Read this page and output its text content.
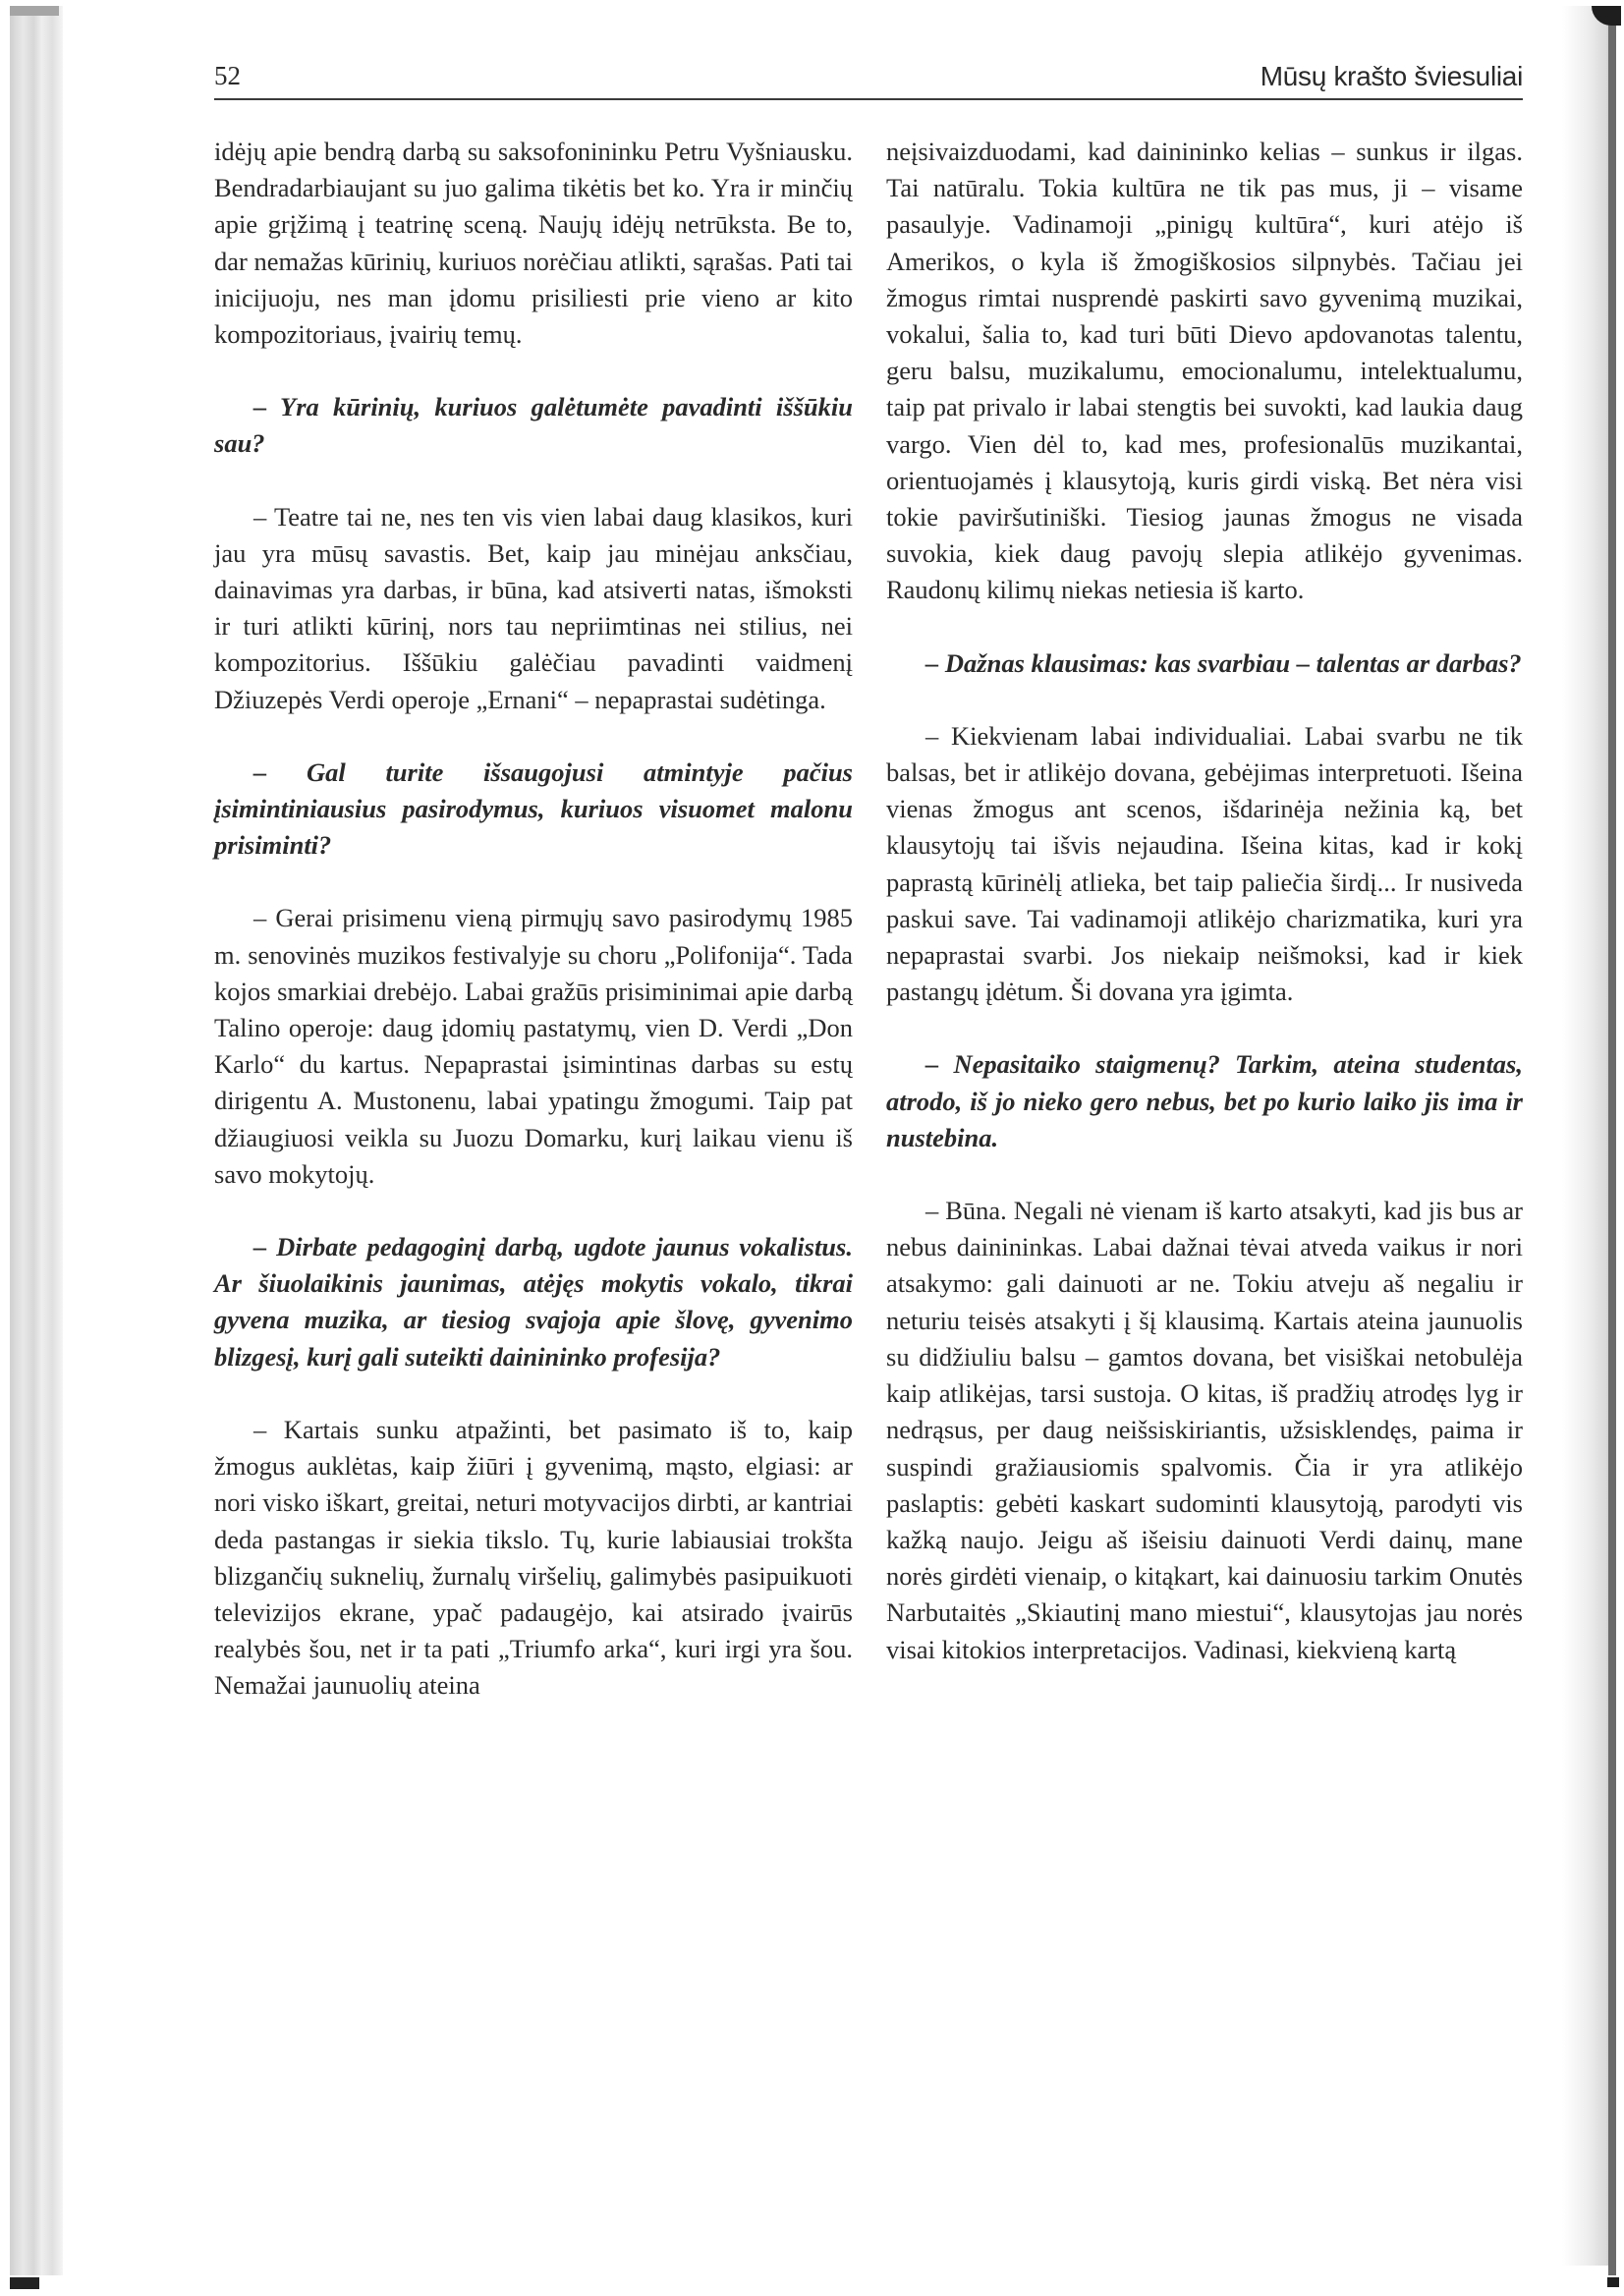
52	Mūsų krašto šviesuliai

idėjų apie bendrą darbą su saksofonininku Petru Vyšniausku. Bendradarbiaujant su juo galima tikėtis bet ko. Yra ir minčių apie grįžimą į teatrinę sceną. Naujų idėjų netrūksta. Be to, dar nemažas kūrinių, kuriuos norėčiau atlikti, sąrašas. Pati tai inicijuoju, nes man įdomu prisiliesti prie vieno ar kito kompozitoriaus, įvairių temų.

– Yra kūrinių, kuriuos galėtumėte pavadinti iššūkiu sau?

– Teatre tai ne, nes ten vis vien labai daug klasikos, kuri jau yra mūsų savastis. Bet, kaip jau minėjau anksčiau, dainavimas yra darbas, ir būna, kad atsiverti natas, išmoksti ir turi atlikti kūrinį, nors tau nepriimtinas nei stilius, nei kompozitorius. Iššūkiu galėčiau pavadinti vaidmenį Džiuzepės Verdi operoje „Ernani“ – nepaprastai sudėtinga.

– Gal turite išsaugojusi atmintyje pačius įsimintiniausius pasirodymus, kuriuos visuomet malonu prisiminti?

– Gerai prisimenu vieną pirmųjų savo pasirodymų 1985 m. senovinės muzikos festivalyje su choru „Polifonija“. Tada kojos smarkiai drebėjo. Labai gražūs prisiminimai apie darbą Talino operoje: daug įdomių pastatymų, vien D. Verdi „Don Karlo“ du kartus. Nepaprastai įsimintinas darbas su estų dirigentu A. Mustonenu, labai ypatingu žmogumi. Taip pat džiaugiuosi veikla su Juozu Domarku, kurį laikau vienu iš savo mokytojų.

– Dirbate pedagoginį darbą, ugdote jaunus vokalistus. Ar šiuolaikinis jaunimas, atėjęs mokytis vokalo, tikrai gyvena muzika, ar tiesiog svajoja apie šlovę, gyvenimo blizgesį, kurį gali suteikti dainininko profesija?

– Kartais sunku atpažinti, bet pasimato iš to, kaip žmogus auklėtas, kaip žiūri į gyvenimą, mąsto, elgiasi: ar nori visko iškart, greitai, neturi motyvacijos dirbti, ar kantriai deda pastangas ir siekia tikslo. Tų, kurie labiausiai trokšta blizgančių suknelių, žurnalų viršelių, galimybės pasipuikuoti televizijos ekrane, ypač padaugėjo, kai atsirado įvairūs realybės šou, net ir ta pati „Triumfo arka“, kuri irgi yra šou. Nemažai jaunuolių ateina

neįsivaizduodami, kad dainininko kelias – sunkus ir ilgas. Tai natūralu. Tokia kultūra ne tik pas mus, ji – visame pasaulyje. Vadinamoji „pinigų kultūra“, kuri atėjo iš Amerikos, o kyla iš žmogiškosios silpnybės. Tačiau jei žmogus rimtai nusprendė paskirti savo gyvenimą muzikai, vokalui, šalia to, kad turi būti Dievo apdovanotas talentu, geru balsu, muzikalumu, emocionalumu, intelektualumu, taip pat privalo ir labai stengtis bei suvokti, kad laukia daug vargo. Vien dėl to, kad mes, profesionalūs muzikantai, orientuojamės į klausytoją, kuris girdi viską. Bet nėra visi tokie paviršutiniški. Tiesiog jaunas žmogus ne visada suvokia, kiek daug pavojų slepia atlikėjo gyvenimas. Raudonų kilimų niekas netiesia iš karto.

– Dažnas klausimas: kas svarbiau – talentas ar darbas?

– Kiekvienam labai individualiai. Labai svarbu ne tik balsas, bet ir atlikėjo dovana, gebėjimas interpretuoti. Išeina vienas žmogus ant scenos, išdarinėja nežinia ką, bet klausytojų tai išvis nejaudina. Išeina kitas, kad ir kokį paprastą kūrinėlį atlieka, bet taip paliečia širdį... Ir nusiveda paskui save. Tai vadinamoji atlikėjo charizmatika, kuri yra nepaprastai svarbi. Jos niekaip neišmoksi, kad ir kiek pastangų įdėtum. Ši dovana yra įgimta.

– Nepasitaiko staigmenų? Tarkim, ateina studentas, atrodo, iš jo nieko gero nebus, bet po kurio laiko jis ima ir nustebina.

– Būna. Negali nė vienam iš karto atsakyti, kad jis bus ar nebus dainininkas. Labai dažnai tėvai atveda vaikus ir nori atsakymo: gali dainuoti ar ne. Tokiu atveju aš negaliu ir neturiu teisės atsakyti į šį klausimą. Kartais ateina jaunuolis su didžiuliu balsu – gamtos dovana, bet visiškai netobulėja kaip atlikėjas, tarsi sustoja. O kitas, iš pradžių atrodęs lyg ir nedrąsus, per daug neišsiskiriantis, užsisklendęs, paima ir suspindi gražiausiomis spalvomis. Čia ir yra atlikėjo paslaptis: gebėti kaskart sudominti klausytoją, parodyti vis kažką naujo. Jeigu aš išeisiu dainuoti Verdi dainų, mane norės girdėti vienaip, o kitąkart, kai dainuosiu tarkim Onutės Narbutaitės „Skiautinį mano miestui“, klausytojas jau norės visai kitokios interpretacijos. Vadinasi, kiekvieną kartą
